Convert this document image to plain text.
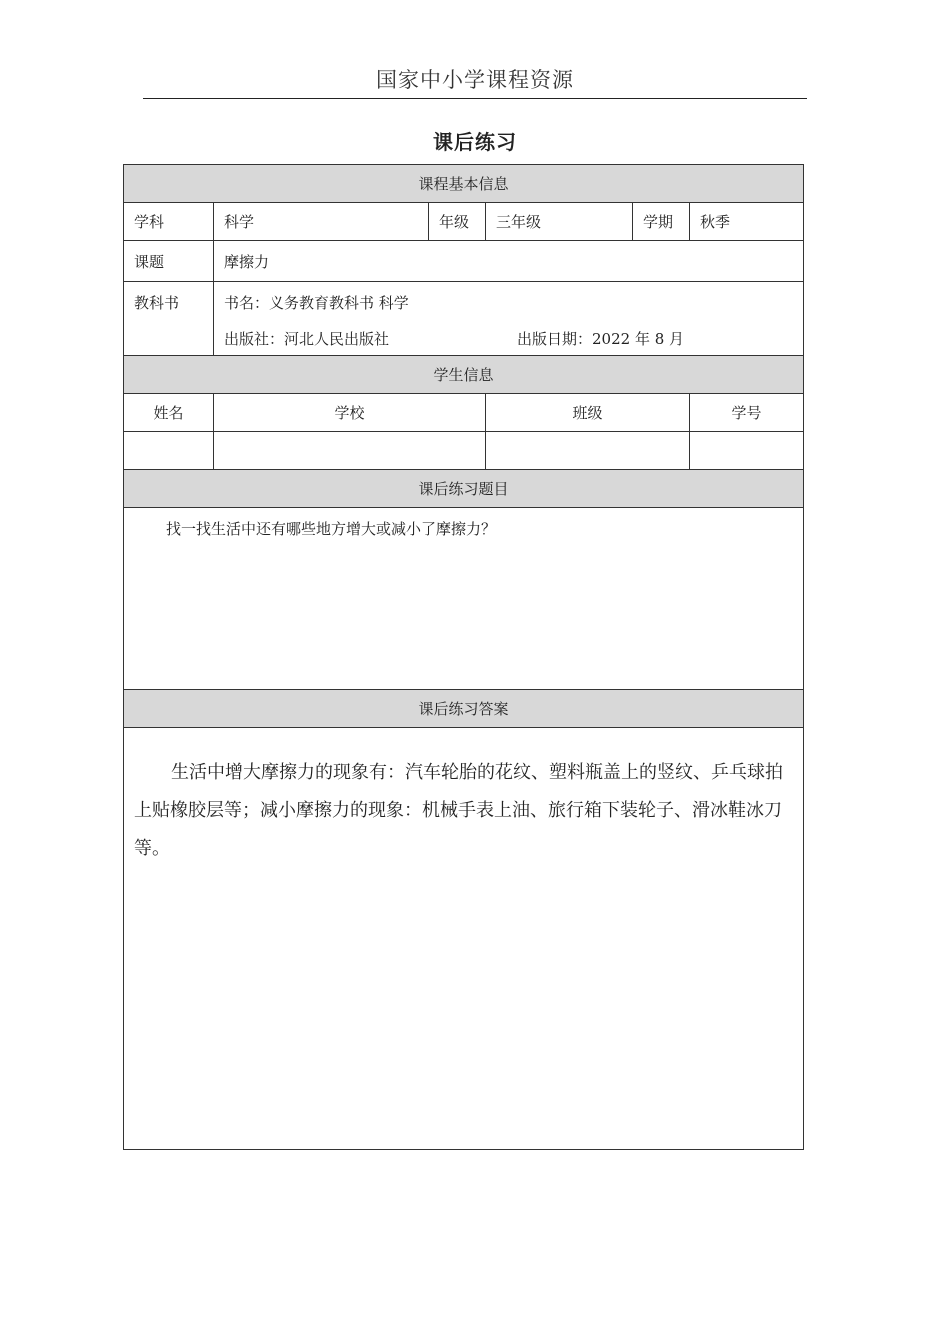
国家中小学课程资源
课后练习
课程基本信息					
学科	科学	年级	三年级	学期	秋季
课题	摩擦力				
教科书	书名：义务教育教科书 科学
出版社：河北人民出版社 出版日期：2022 年 8 月				

学生信息					
姓名	学校		班级		学号

课后练习题目					
找一找生活中还有哪些地方增大或减小了摩擦力？					
课后练习答案					
生活中增大摩擦力的现象有：汽车轮胎的花纹、塑料瓶盖上的竖纹、乒乓球拍上贴橡胶层等；减小摩擦力的现象：机械手表上油、旅行箱下装轮子、滑冰鞋冰刀等。					
